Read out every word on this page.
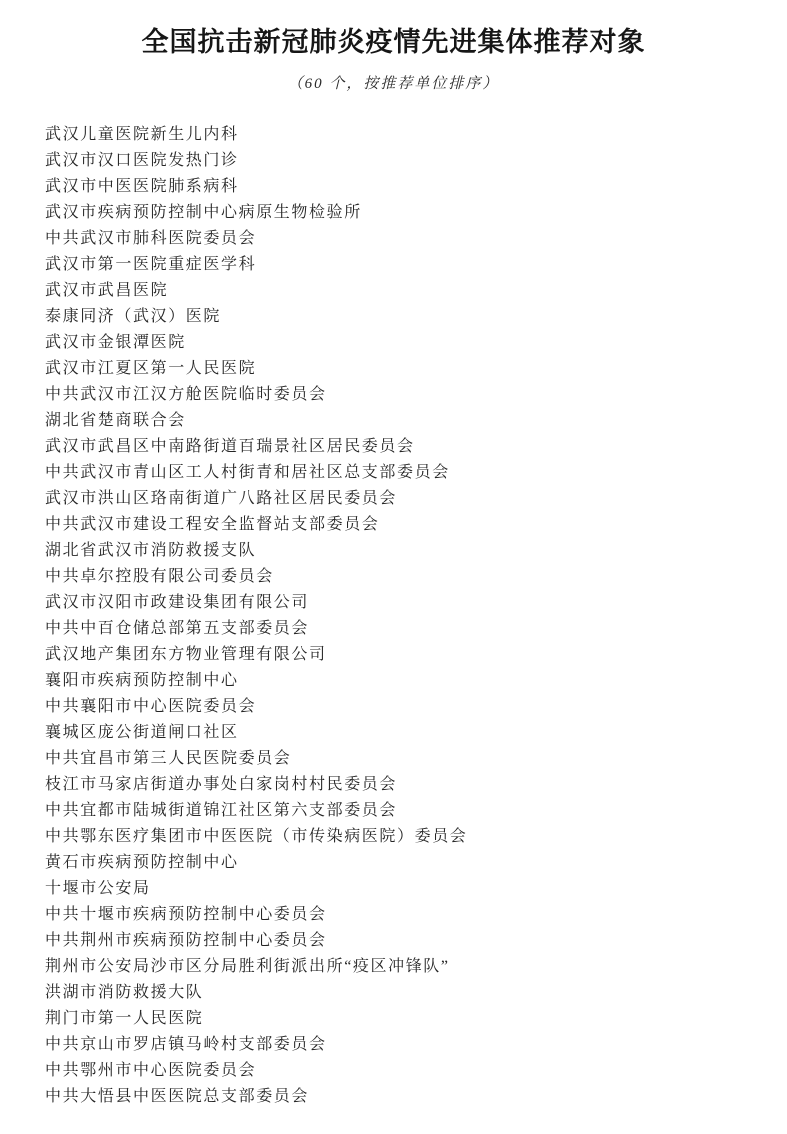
全国抗击新冠肺炎疫情先进集体推荐对象
（60 个，按推荐单位排序）
武汉儿童医院新生儿内科
武汉市汉口医院发热门诊
武汉市中医医院肺系病科
武汉市疾病预防控制中心病原生物检验所
中共武汉市肺科医院委员会
武汉市第一医院重症医学科
武汉市武昌医院
泰康同济（武汉）医院
武汉市金银潭医院
武汉市江夏区第一人民医院
中共武汉市江汉方舱医院临时委员会
湖北省楚商联合会
武汉市武昌区中南路街道百瑞景社区居民委员会
中共武汉市青山区工人村街青和居社区总支部委员会
武汉市洪山区珞南街道广八路社区居民委员会
中共武汉市建设工程安全监督站支部委员会
湖北省武汉市消防救援支队
中共卓尔控股有限公司委员会
武汉市汉阳市政建设集团有限公司
中共中百仓储总部第五支部委员会
武汉地产集团东方物业管理有限公司
襄阳市疾病预防控制中心
中共襄阳市中心医院委员会
襄城区庞公街道闸口社区
中共宜昌市第三人民医院委员会
枝江市马家店街道办事处白家岗村村民委员会
中共宜都市陆城街道锦江社区第六支部委员会
中共鄂东医疗集团市中医医院（市传染病医院）委员会
黄石市疾病预防控制中心
十堰市公安局
中共十堰市疾病预防控制中心委员会
中共荆州市疾病预防控制中心委员会
荆州市公安局沙市区分局胜利街派出所“疫区冲锋队”
洪湖市消防救援大队
荆门市第一人民医院
中共京山市罗店镇马岭村支部委员会
中共鄂州市中心医院委员会
中共大悟县中医医院总支部委员会
